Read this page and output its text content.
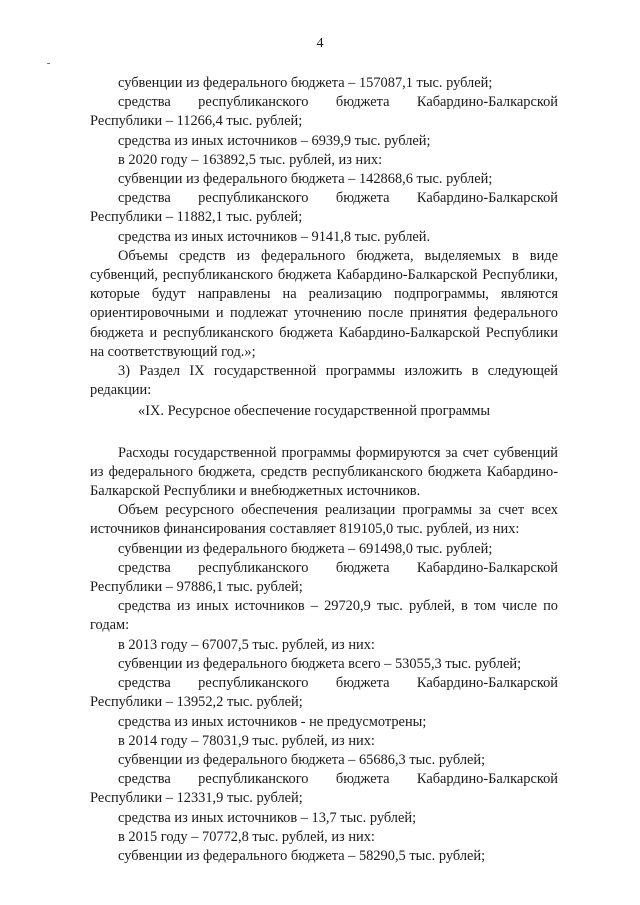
4

субвенции из федерального бюджета – 157087,1 тыс. рублей;

средства республиканского бюджета Кабардино-Балкарской Республики – 11266,4 тыс. рублей;

средства из иных источников – 6939,9 тыс. рублей;

в 2020 году – 163892,5 тыс. рублей, из них:

субвенции из федерального бюджета – 142868,6 тыс. рублей;

средства республиканского бюджета Кабардино-Балкарской Республики – 11882,1 тыс. рублей;

средства из иных источников – 9141,8 тыс. рублей.

Объемы средств из федерального бюджета, выделяемых в виде субвенций, республиканского бюджета Кабардино-Балкарской Республики, которые будут направлены на реализацию подпрограммы, являются ориентировочными и подлежат уточнению после принятия федерального бюджета и республиканского бюджета Кабардино-Балкарской Республики на соответствующий год.»;

3) Раздел IX государственной программы изложить в следующей редакции:

«IX. Ресурсное обеспечение государственной программы

Расходы государственной программы формируются за счет субвенций из федерального бюджета, средств республиканского бюджета Кабардино-Балкарской Республики и внебюджетных источников.

Объем ресурсного обеспечения реализации программы за счет всех источников финансирования составляет 819105,0 тыс. рублей, из них:

субвенции из федерального бюджета – 691498,0 тыс. рублей;

средства республиканского бюджета Кабардино-Балкарской Республики – 97886,1 тыс. рублей;

средства из иных источников – 29720,9 тыс. рублей, в том числе по годам:

в 2013 году – 67007,5 тыс. рублей, из них:

субвенции из федерального бюджета всего – 53055,3 тыс. рублей;

средства республиканского бюджета Кабардино-Балкарской Республики – 13952,2 тыс. рублей;

средства из иных источников - не предусмотрены;

в 2014 году – 78031,9 тыс. рублей, из них:

субвенции из федерального бюджета – 65686,3 тыс. рублей;

средства республиканского бюджета Кабардино-Балкарской Республики – 12331,9 тыс. рублей;

средства из иных источников – 13,7 тыс. рублей;

в 2015 году – 70772,8 тыс. рублей, из них:

субвенции из федерального бюджета – 58290,5 тыс. рублей;
